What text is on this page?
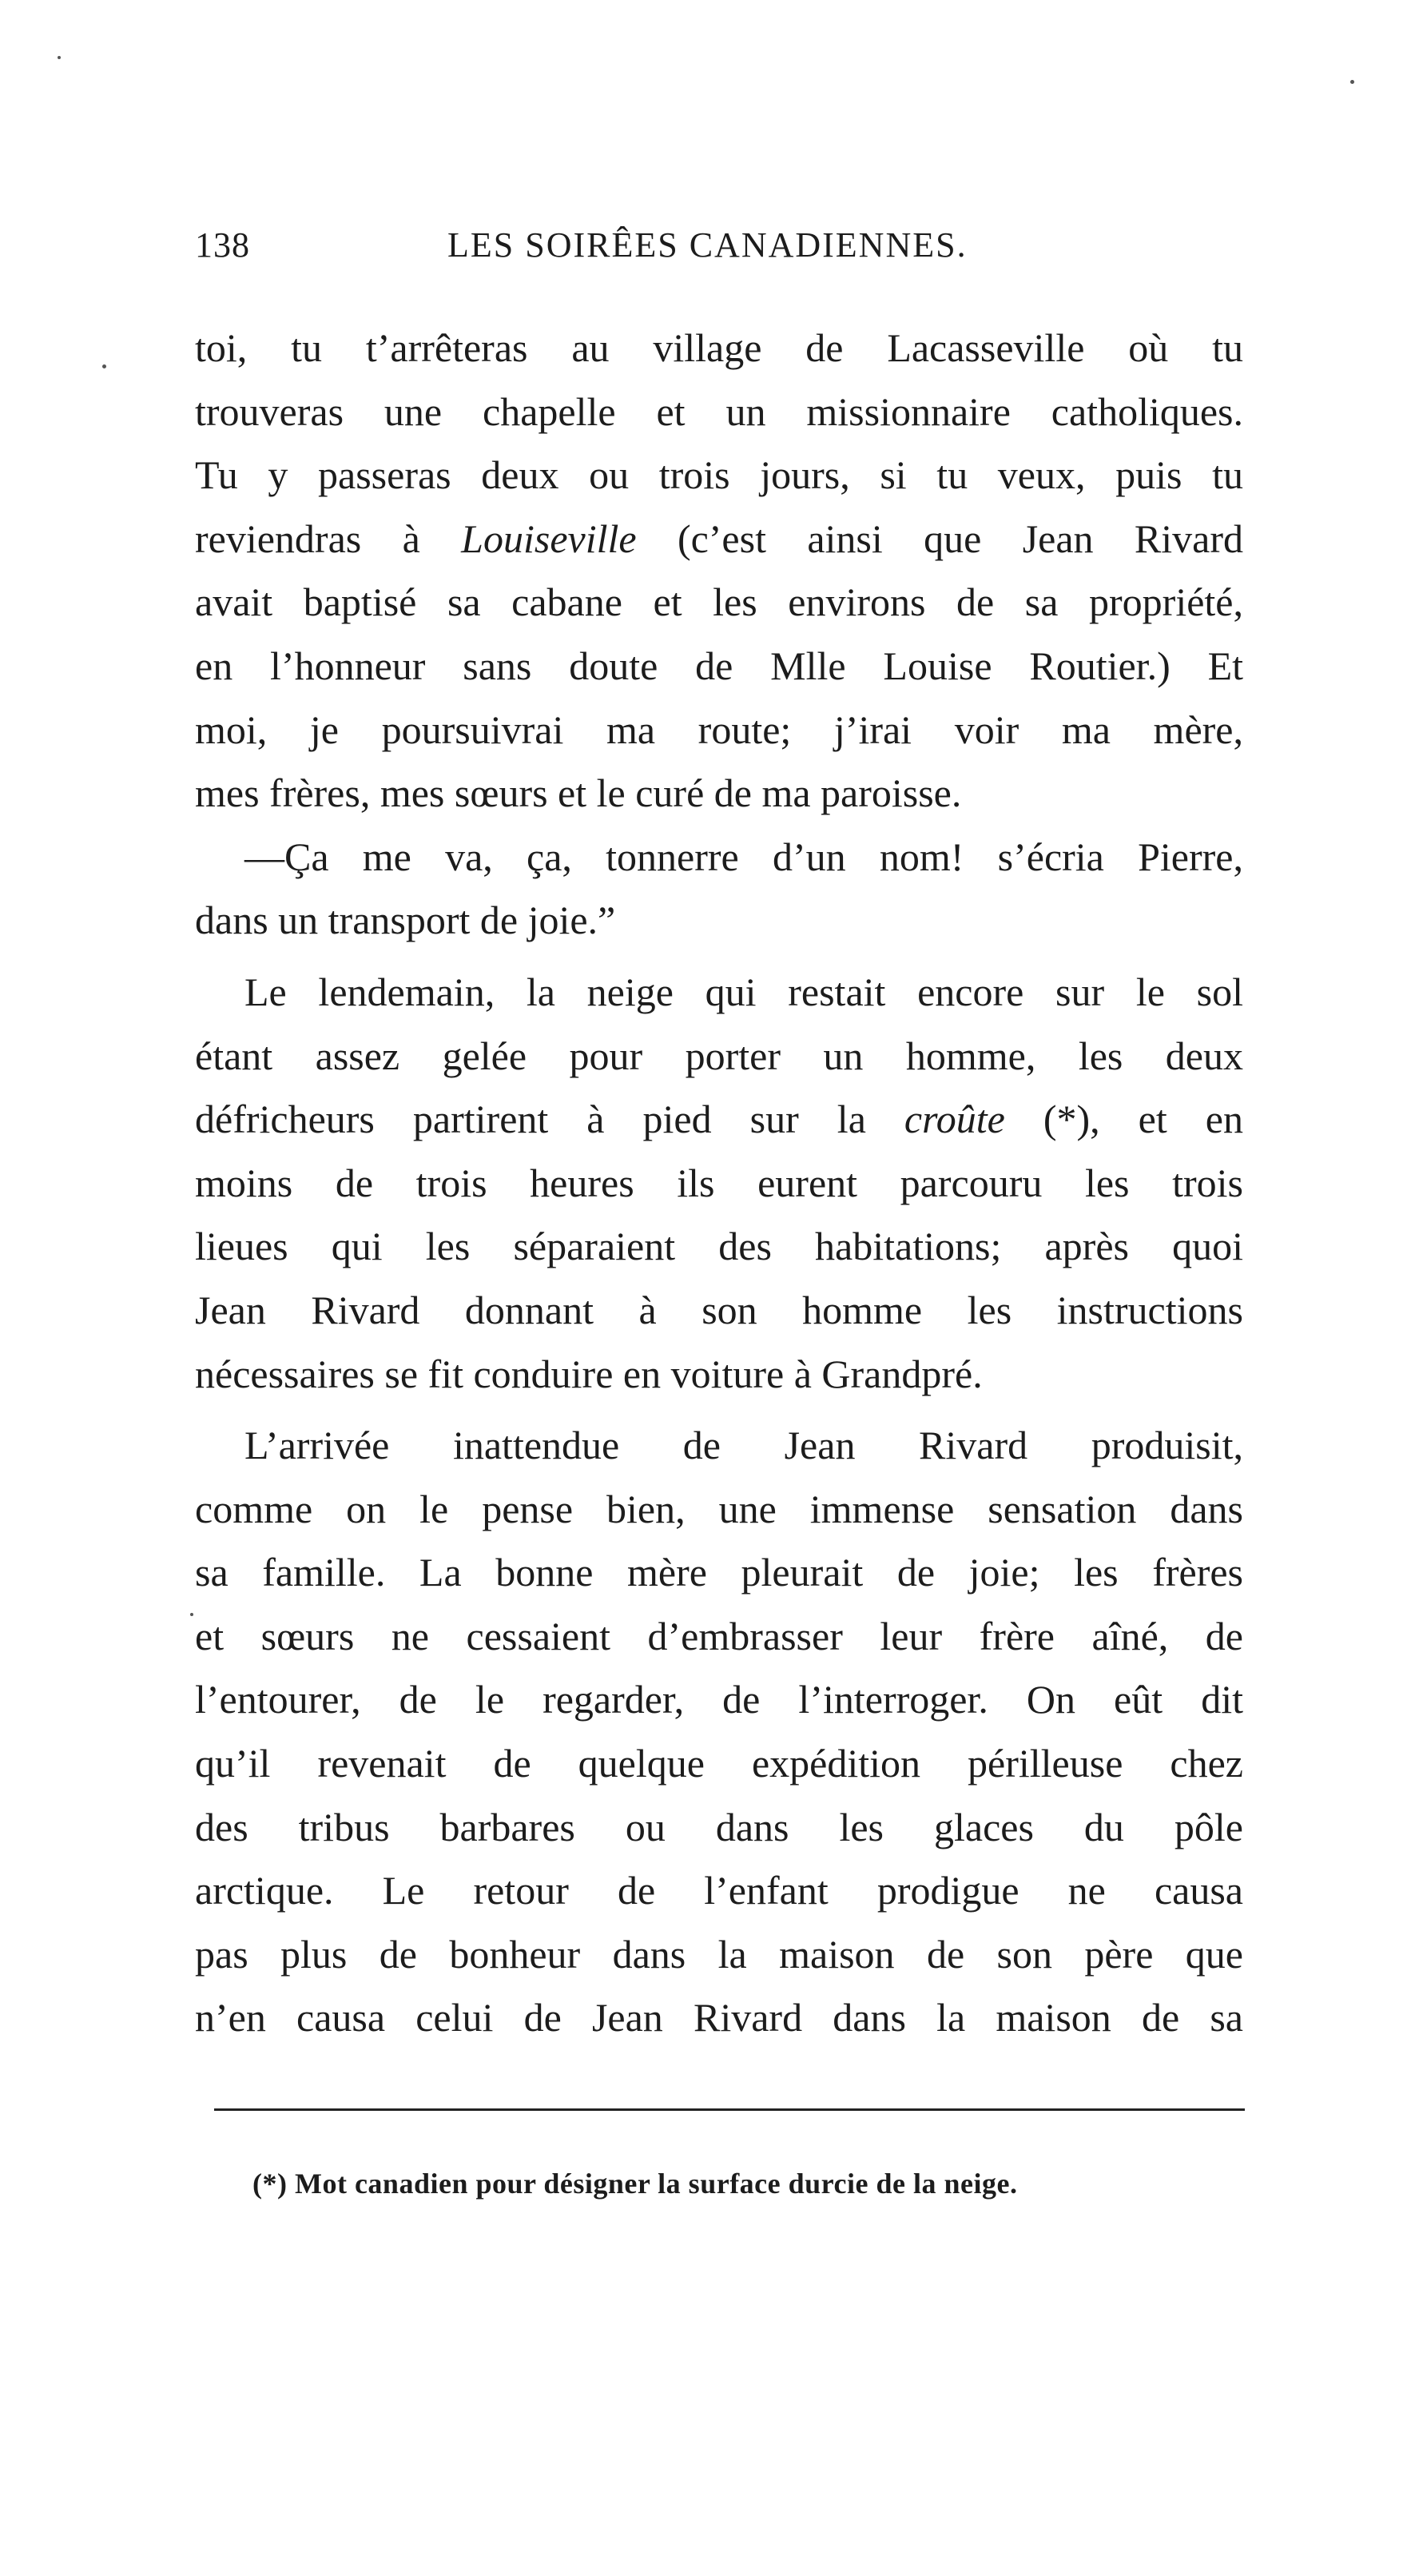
138	LES SOIRÊES CANADIENNES.
toi, tu t’arrêteras au village de Lacasseville où tu
trouveras une chapelle et un missionnaire catholiques.
Tu y passeras deux ou trois jours, si tu veux, puis tu
reviendras à Louiseville (c’est ainsi que Jean Rivard
avait baptisé sa cabane et les environs de sa propriété,
en l’honneur sans doute de Mlle Louise Routier.) Et
moi, je poursuivrai ma route; j’irai voir ma mère,
mes frères, mes sœurs et le curé de ma paroisse.
—Ça me va, ça, tonnerre d’un nom! s’écria Pierre,
dans un transport de joie.”
Le lendemain, la neige qui restait encore sur le sol
étant assez gelée pour porter un homme, les deux
défricheurs partirent à pied sur la croûte (*), et en
moins de trois heures ils eurent parcouru les trois
lieues qui les séparaient des habitations; après quoi
Jean Rivard donnant à son homme les instructions
nécessaires se fit conduire en voiture à Grandpré.
L’arrivée inattendue de Jean Rivard produisit,
comme on le pense bien, une immense sensation dans
sa famille. La bonne mère pleurait de joie; les frères
et sœurs ne cessaient d’embrasser leur frère aîné, de
l’entourer, de le regarder, de l’interroger. On eût dit
qu’il revenait de quelque expédition périlleuse chez
des tribus barbares ou dans les glaces du pôle
arctique. Le retour de l’enfant prodigue ne causa
pas plus de bonheur dans la maison de son père que
n’en causa celui de Jean Rivard dans la maison de sa
(*) Mot canadien pour désigner la surface durcie de la neige.
